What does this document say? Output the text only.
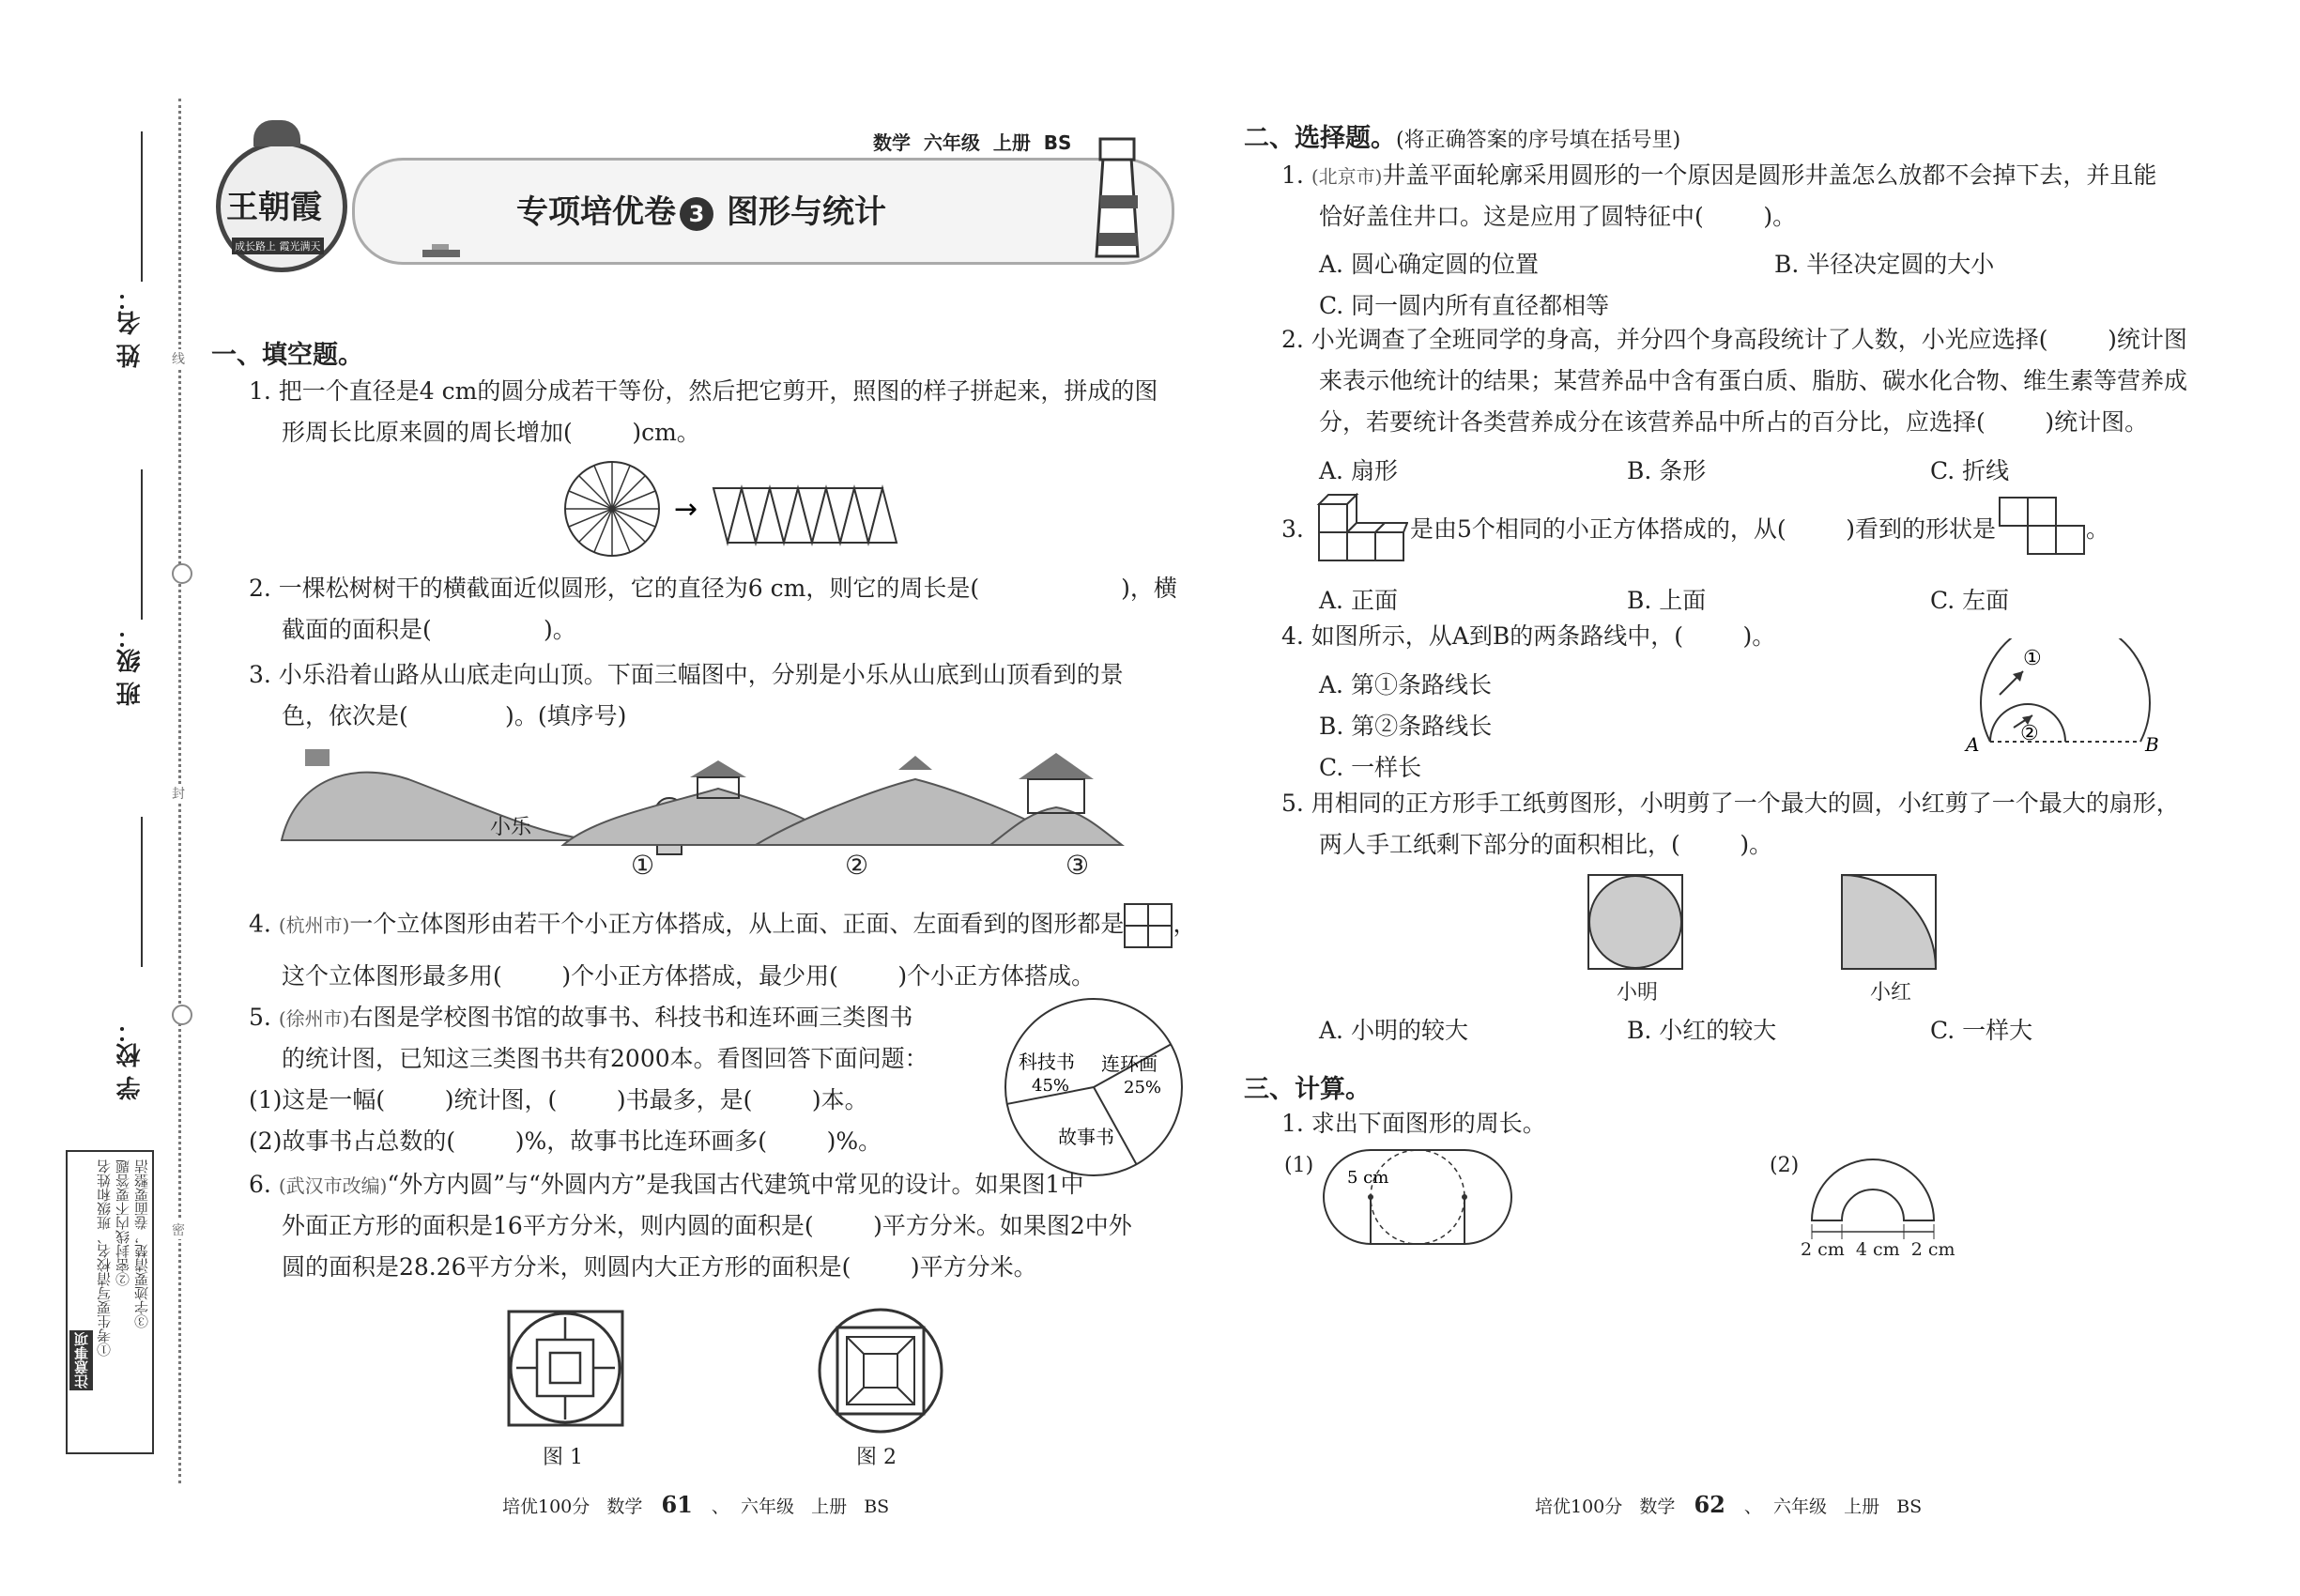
姓 名：
班 级：
学 校：
线
封
密
注意事项
①考生要写清校名、班级和姓名 ②密封线内不要答题 ③字迹要清楚，卷面要整洁
王朝霞
成长路上 霞光满天
数学  六年级  上册  BS
专项培优卷 3 图形与统计
一、填空题。
1. 把一个直径是4 cm的圆分成若干等份，然后把它剪开，照图的样子拼起来，拼成的图
形周长比原来圆的周长增加(        )cm。
→
2. 一棵松树树干的横截面近似圆形，它的直径为6 cm，则它的周长是(                   )，横
截面的面积是(               )。
3. 小乐沿着山路从山底走向山顶。下面三幅图中，分别是小乐从山底到山顶看到的景
色，依次是(             )。(填序号)
小乐
①	②	③
4. (杭州市)一个立体图形由若干个小正方体搭成，从上面、正面、左面看到的图形都是 ，
这个立体图形最多用(        )个小正方体搭成，最少用(        )个小正方体搭成。
5. (徐州市)右图是学校图书馆的故事书、科技书和连环画三类图书
的统计图，已知这三类图书共有2000本。看图回答下面问题：
(1)这是一幅(        )统计图，(        )书最多，是(        )本。
(2)故事书占总数的(        )%，故事书比连环画多(        )%。
科技书
45%
连环画
25%
故事书
6. (武汉市改编)“外方内圆”与“外圆内方”是我国古代建筑中常见的设计。如果图1中
外面正方形的面积是16平方分米，则内圆的面积是(        )平方分米。如果图2中外
圆的面积是28.26平方分米，则圆内大正方形的面积是(        )平方分米。
图 1	图 2
培优100分   数学 61 、  六年级   上册   BS
二、选择题。(将正确答案的序号填在括号里)
1. (北京市)井盖平面轮廓采用圆形的一个原因是圆形井盖怎么放都不会掉下去，并且能
恰好盖住井口。这是应用了圆特征中(        )。
A. 圆心确定圆的位置	B. 半径决定圆的大小
C. 同一圆内所有直径都相等
2. 小光调查了全班同学的身高，并分四个身高段统计了人数，小光应选择(        )统计图
来表示他统计的结果；某营养品中含有蛋白质、脂肪、碳水化合物、维生素等营养成
分，若要统计各类营养成分在该营养品中所占的百分比，应选择(        )统计图。
A. 扇形	B. 条形	C. 折线
3.	是由5个相同的小正方体搭成的，从(        )看到的形状是	。
A. 正面	B. 上面	C. 左面
4. 如图所示，从A到B的两条路线中，(        )。
A. 第①条路线长
B. 第②条路线长
C. 一样长
①
②
A	B
5. 用相同的正方形手工纸剪图形，小明剪了一个最大的圆，小红剪了一个最大的扇形，
两人手工纸剩下部分的面积相比，(        )。
小明	小红
A. 小明的较大	B. 小红的较大	C. 一样大
三、计算。
1. 求出下面图形的周长。
(1)	(2)
5 cm
2 cm  4 cm  2 cm
培优100分   数学 62 、  六年级   上册   BS
